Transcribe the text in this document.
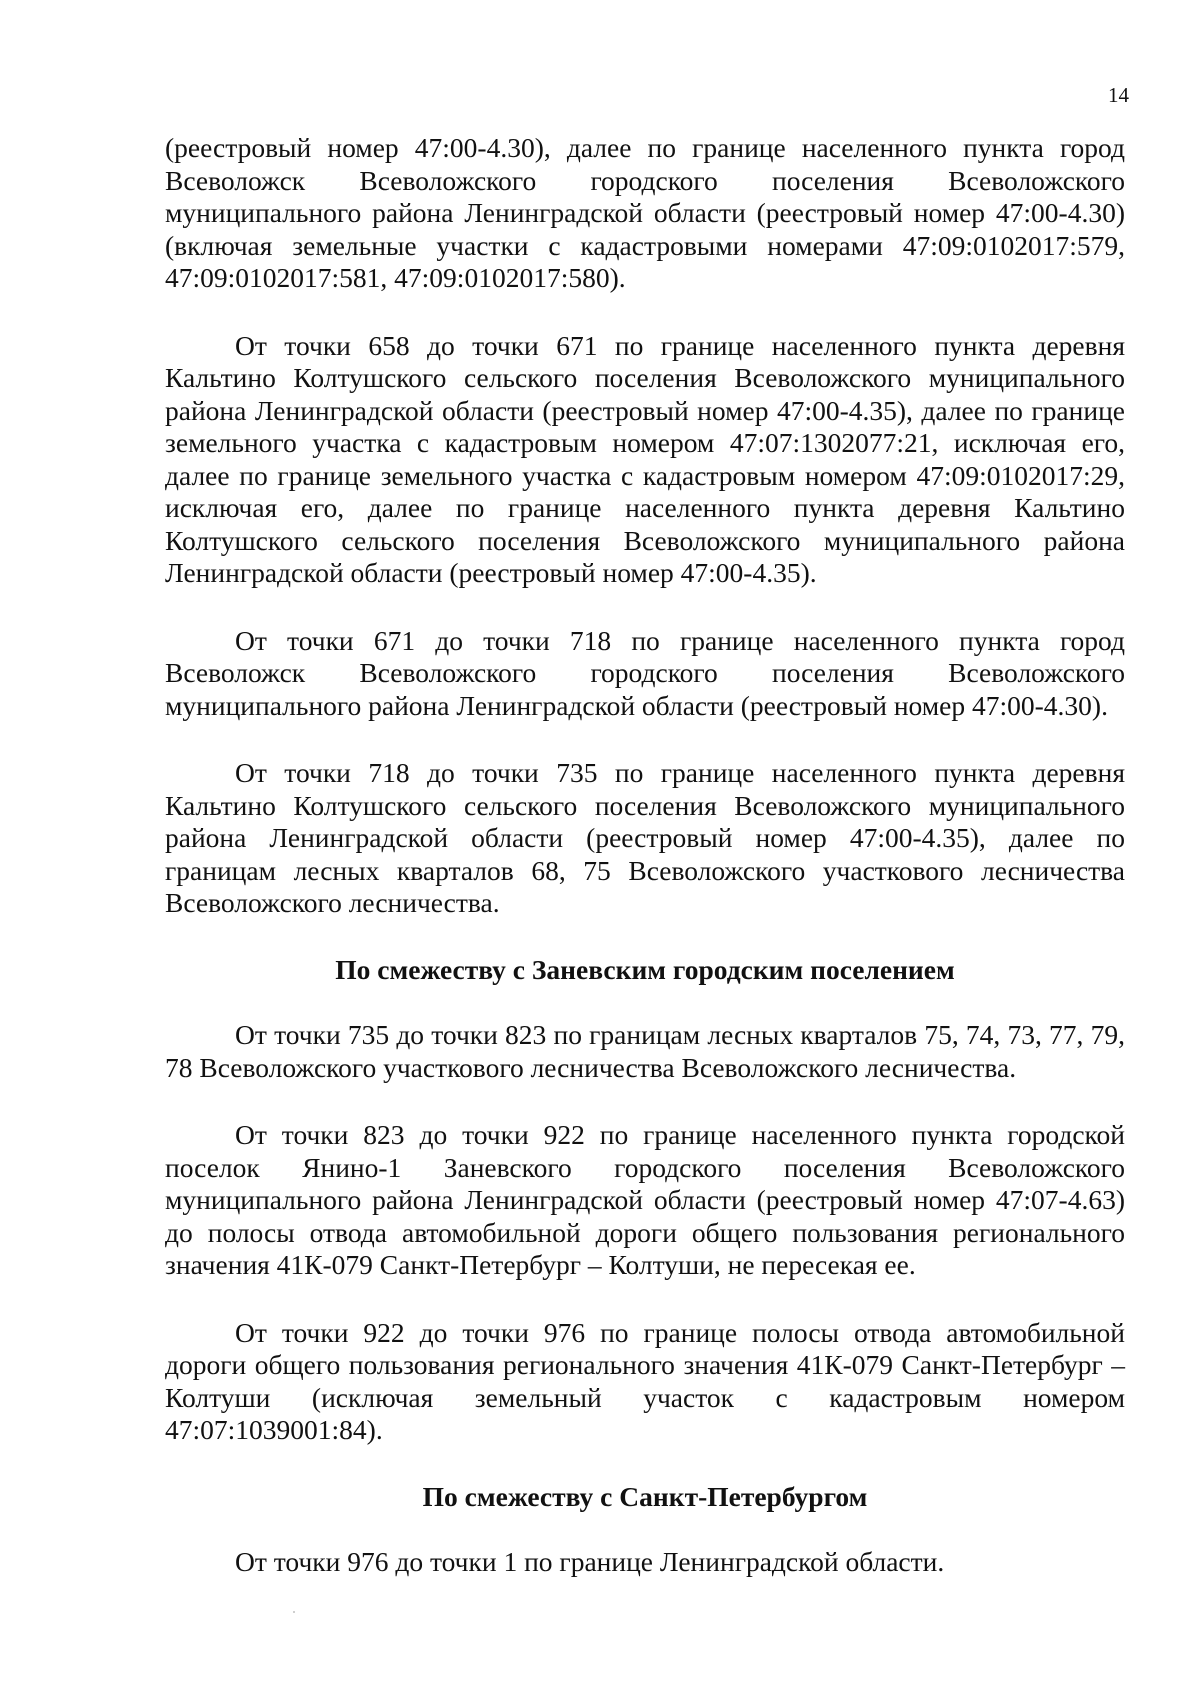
14

(реестровый номер 47:00-4.30), далее по границе населенного пункта город Всеволожск Всеволожского городского поселения Всеволожского муниципального района Ленинградской области (реестровый номер 47:00-4.30) (включая земельные участки с кадастровыми номерами 47:09:0102017:579, 47:09:0102017:581, 47:09:0102017:580).

От точки 658 до точки 671 по границе населенного пункта деревня Кальтино Колтушского сельского поселения Всеволожского муниципального района Ленинградской области (реестровый номер 47:00-4.35), далее по границе земельного участка с кадастровым номером 47:07:1302077:21, исключая его, далее по границе земельного участка с кадастровым номером 47:09:0102017:29, исключая его, далее по границе населенного пункта деревня Кальтино Колтушского сельского поселения Всеволожского муниципального района Ленинградской области (реестровый номер 47:00-4.35).

От точки 671 до точки 718 по границе населенного пункта город Всеволожск Всеволожского городского поселения Всеволожского муниципального района Ленинградской области (реестровый номер 47:00-4.30).

От точки 718 до точки 735 по границе населенного пункта деревня Кальтино Колтушского сельского поселения Всеволожского муниципального района Ленинградской области (реестровый номер 47:00-4.35), далее по границам лесных кварталов 68, 75 Всеволожского участкового лесничества Всеволожского лесничества.

По смежеству с Заневским городским поселением

От точки 735 до точки 823 по границам лесных кварталов 75, 74, 73, 77, 79, 78 Всеволожского участкового лесничества Всеволожского лесничества.

От точки 823 до точки 922 по границе населенного пункта городской поселок Янино-1 Заневского городского поселения Всеволожского муниципального района Ленинградской области (реестровый номер 47:07-4.63) до полосы отвода автомобильной дороги общего пользования регионального значения 41К-079 Санкт-Петербург – Колтуши, не пересекая ее.

От точки 922 до точки 976 по границе полосы отвода автомобильной дороги общего пользования регионального значения 41К-079 Санкт-Петербург – Колтуши (исключая земельный участок с кадастровым номером 47:07:1039001:84).

По смежеству с Санкт-Петербургом

От точки 976 до точки 1 по границе Ленинградской области.
